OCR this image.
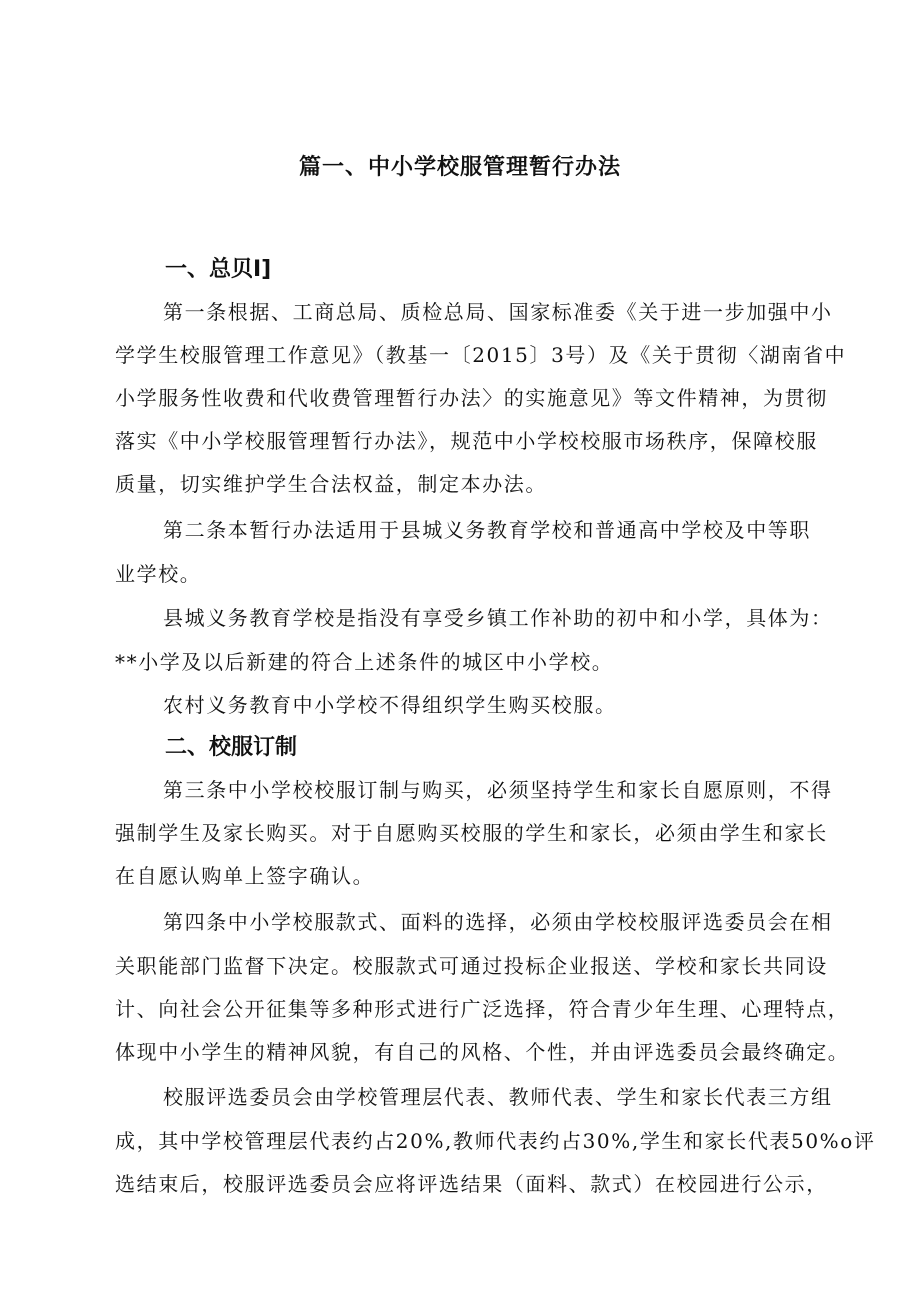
篇一、中小学校服管理暂行办法
一、总贝I]
第一条根据、工商总局、质检总局、国家标准委《关于进一步加强中小
学学生校服管理工作意见》（教基一〔2015〕3号）及《关于贯彻〈湖南省中
小学服务性收费和代收费管理暂行办法〉的实施意见》等文件精神，为贯彻
落实《中小学校服管理暂行办法》，规范中小学校校服市场秩序，保障校服
质量，切实维护学生合法权益，制定本办法。
第二条本暂行办法适用于县城义务教育学校和普通高中学校及中等职
业学校。
县城义务教育学校是指没有享受乡镇工作补助的初中和小学，具体为：
**小学及以后新建的符合上述条件的城区中小学校。
农村义务教育中小学校不得组织学生购买校服。
二、校服订制
第三条中小学校校服订制与购买，必须坚持学生和家长自愿原则，不得
强制学生及家长购买。对于自愿购买校服的学生和家长，必须由学生和家长
在自愿认购单上签字确认。
第四条中小学校服款式、面料的选择，必须由学校校服评选委员会在相
关职能部门监督下决定。校服款式可通过投标企业报送、学校和家长共同设
计、向社会公开征集等多种形式进行广泛选择，符合青少年生理、心理特点，
体现中小学生的精神风貌，有自己的风格、个性，并由评选委员会最终确定。
校服评选委员会由学校管理层代表、教师代表、学生和家长代表三方组
成，其中学校管理层代表约占20%,教师代表约占30%,学生和家长代表50%o评
选结束后，校服评选委员会应将评选结果（面料、款式）在校园进行公示，
